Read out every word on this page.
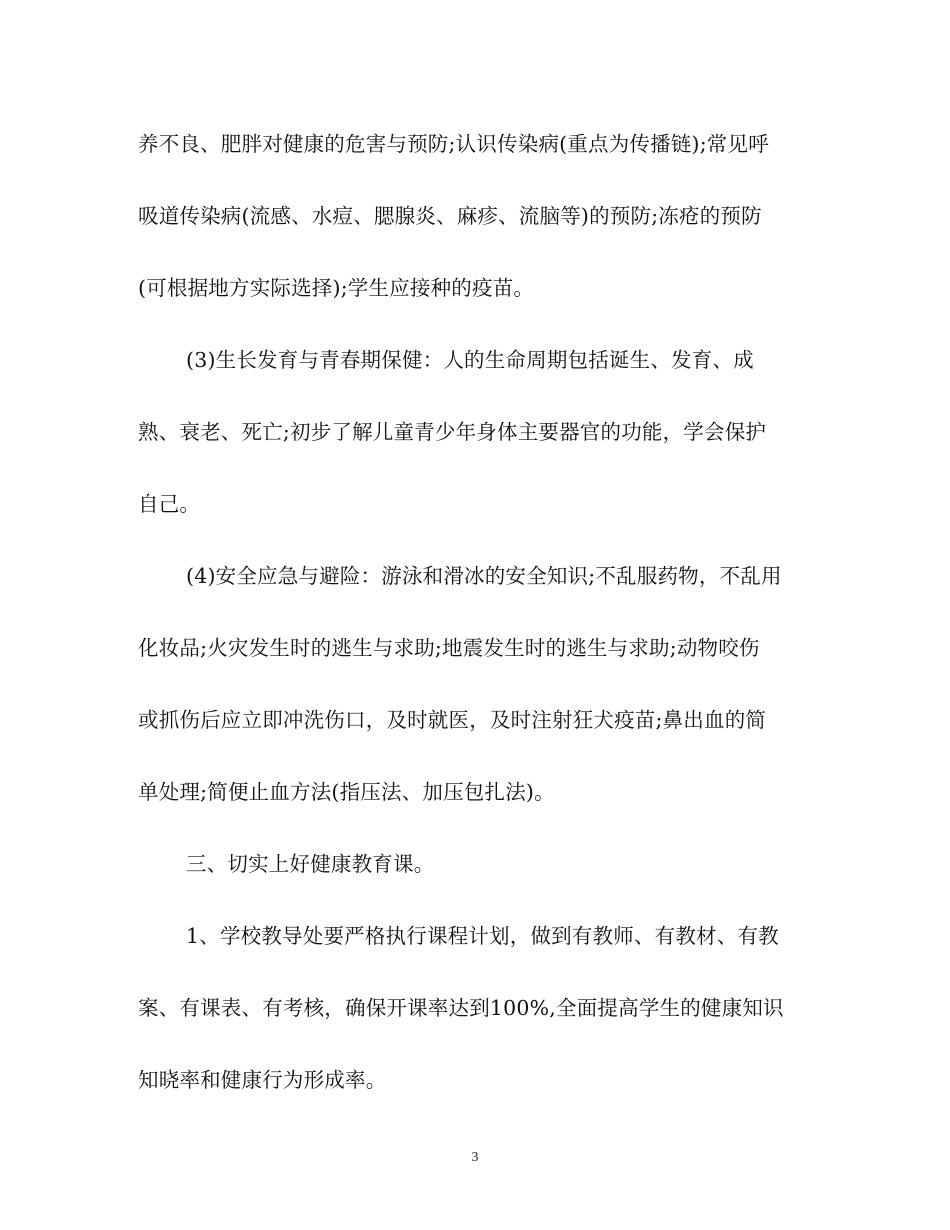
养不良、肥胖对健康的危害与预防;认识传染病(重点为传播链);常见呼
吸道传染病(流感、水痘、腮腺炎、麻疹、流脑等)的预防;冻疮的预防
(可根据地方实际选择);学生应接种的疫苗。
(3)生长发育与青春期保健：人的生命周期包括诞生、发育、成
熟、衰老、死亡;初步了解儿童青少年身体主要器官的功能，学会保护
自己。
(4)安全应急与避险：游泳和滑冰的安全知识;不乱服药物，不乱用
化妆品;火灾发生时的逃生与求助;地震发生时的逃生与求助;动物咬伤
或抓伤后应立即冲洗伤口，及时就医，及时注射狂犬疫苗;鼻出血的简
单处理;简便止血方法(指压法、加压包扎法)。
三、切实上好健康教育课。
1、学校教导处要严格执行课程计划，做到有教师、有教材、有教
案、有课表、有考核，确保开课率达到100%,全面提高学生的健康知识
知晓率和健康行为形成率。
3
